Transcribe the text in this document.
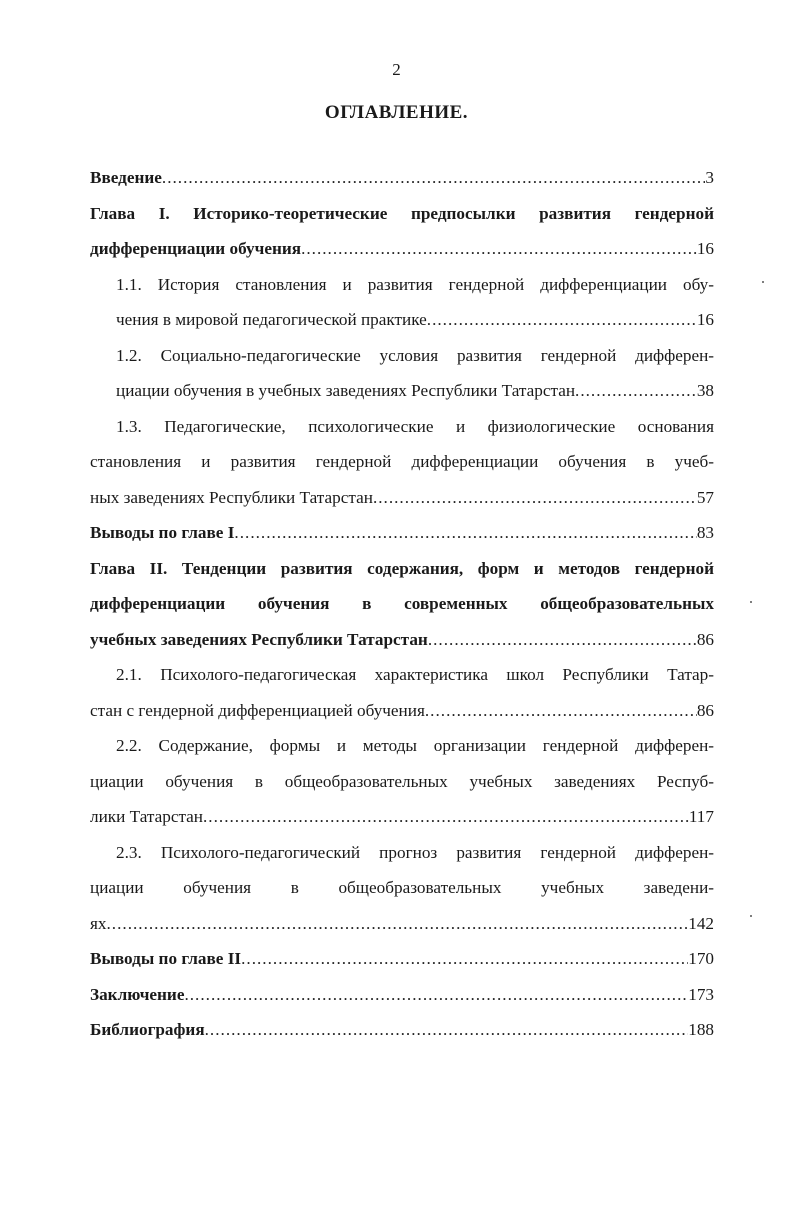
2
ОГЛАВЛЕНИЕ.
Введение .....	3
Глава I. Историко-теоретические предпосылки развития гендерной
дифференциации обучения .....	16
1.1. История становления и развития гендерной дифференциации обу-
чения в мировой педагогической практике .....	16
1.2. Социально-педагогические условия развития гендерной дифферен-
циации обучения в учебных заведениях Республики Татарстан .....	38
1.3. Педагогические, психологические и физиологические основания
становления и развития гендерной дифференциации обучения в учеб-
ных заведениях Республики Татарстан .....	57
Выводы по главе I .....	83
Глава II. Тенденции развития содержания, форм и методов гендерной
дифференциации обучения в современных общеобразовательных
учебных заведениях Республики Татарстан .....	86
2.1. Психолого-педагогическая характеристика школ Республики Татар-
стан с гендерной дифференциацией обучения .....	86
2.2. Содержание, формы и методы организации гендерной дифферен-
циации обучения в общеобразовательных учебных заведениях Респуб-
лики Татарстан .....	117
2.3. Психолого-педагогический прогноз развития гендерной дифферен-
циации обучения в общеобразовательных учебных заведени-
ях .....	142
Выводы по главе II .....	170
Заключение .....	173
Библиография .....	188
